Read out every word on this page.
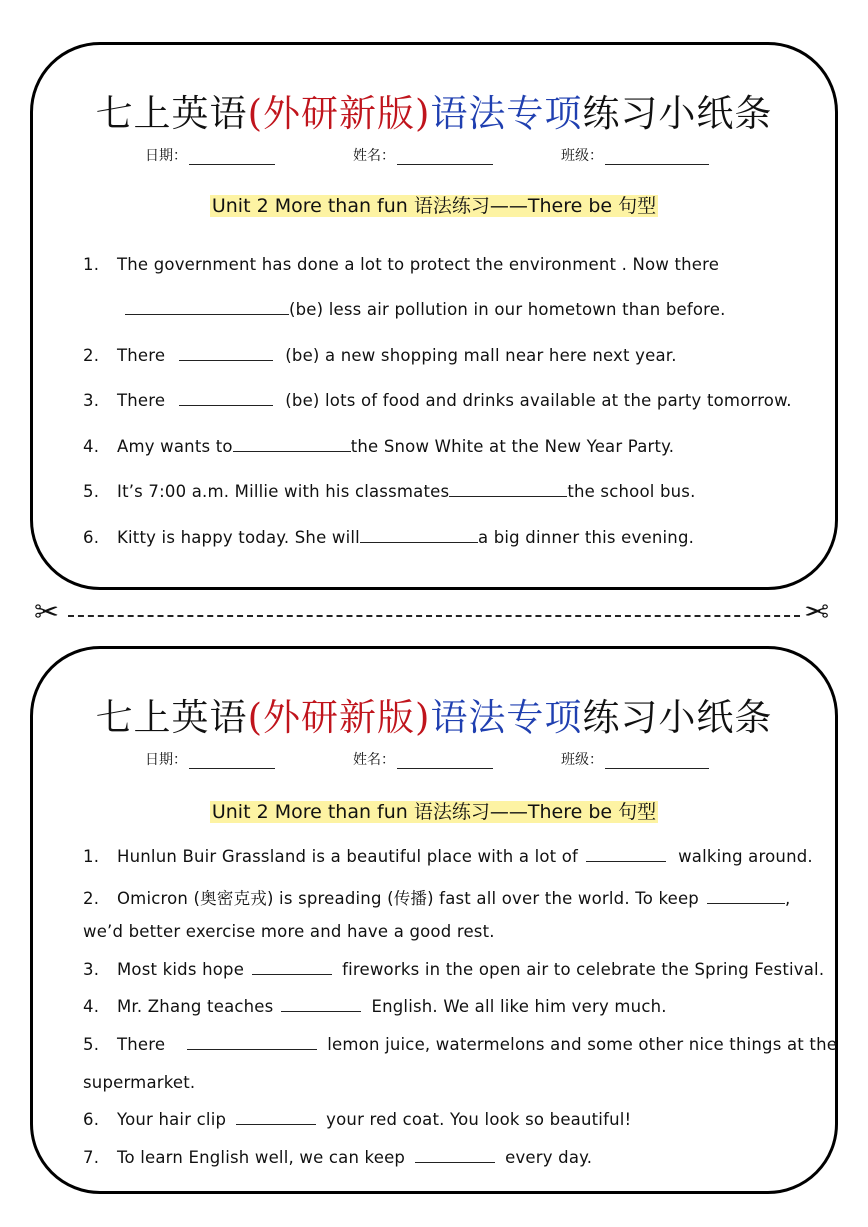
七上英语(外研新版)语法专项练习小纸条
日期：	姓名：	班级：
Unit 2 More than fun 语法练习——There be 句型
1. The government has done a lot to protect the environment . Now there
(be) less air pollution in our hometown than before.
2. There	(be) a new shopping mall near here next year.
3. There	(be) lots of food and drinks available at the party tomorrow.
4. Amy wants to	the Snow White at the New Year Party.
5. It’s 7:00 a.m. Millie with his classmates	the school bus.
6. Kitty is happy today. She will	a big dinner this evening.
✂	✂
七上英语(外研新版)语法专项练习小纸条
日期：	姓名：	班级：
Unit 2 More than fun 语法练习——There be 句型
1. Hunlun Buir Grassland is a beautiful place with a lot of	walking around.
2. Omicron (奥密克戎) is spreading (传播) fast all over the world. To keep	,
we’d better exercise more and have a good rest.
3. Most kids hope	fireworks in the open air to celebrate the Spring Festival.
4. Mr. Zhang teaches	English. We all like him very much.
5. There	lemon juice, watermelons and some other nice things at the
supermarket.
6. Your hair clip	your red coat. You look so beautiful!
7. To learn English well, we can keep	every day.
